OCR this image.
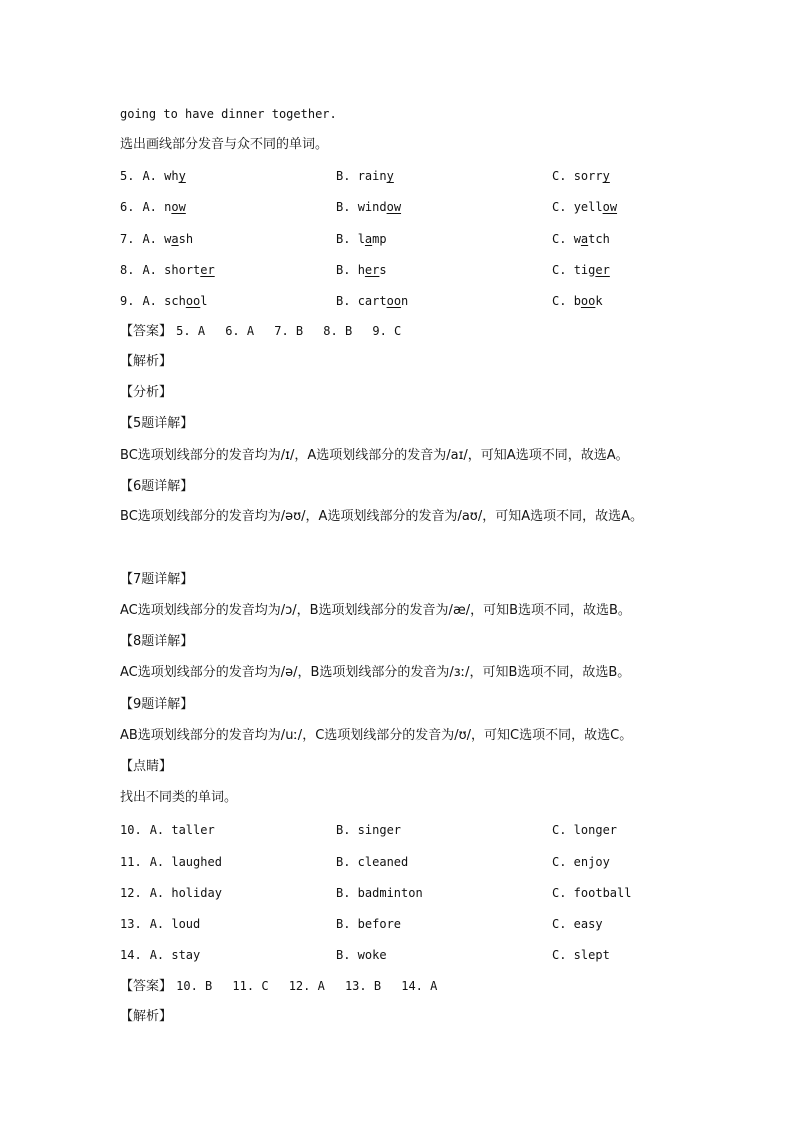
going to have dinner together.
选出画线部分发音与众不同的单词。
5. A. why	B. rainy	C. sorry
6. A. now	B. window	C. yellow
7. A. wash	B. lamp	C. watch
8. A. shorter	B. hers	C. tiger
9. A. school	B. cartoon	C. book
【答案】 5. A 6. A 7. B 8. B 9. C
【解析】
【分析】
【5题详解】
BC选项划线部分的发音均为/ɪ/，A选项划线部分的发音为/aɪ/，可知A选项不同，故选A。
【6题详解】
BC选项划线部分的发音均为/əʊ/，A选项划线部分的发音为/aʊ/，可知A选项不同，故选A。
【7题详解】
AC选项划线部分的发音均为/ɔ/，B选项划线部分的发音为/æ/，可知B选项不同，故选B。
【8题详解】
AC选项划线部分的发音均为/ə/，B选项划线部分的发音为/ɜː/，可知B选项不同，故选B。
【9题详解】
AB选项划线部分的发音均为/uː/，C选项划线部分的发音为/ʊ/，可知C选项不同，故选C。
【点睛】
找出不同类的单词。
10. A. taller	B. singer	C. longer
11. A. laughed	B. cleaned	C. enjoy
12. A. holiday	B. badminton	C. football
13. A. loud	B. before	C. easy
14. A. stay	B. woke	C. slept
【答案】 10. B 11. C 12. A 13. B 14. A
【解析】
